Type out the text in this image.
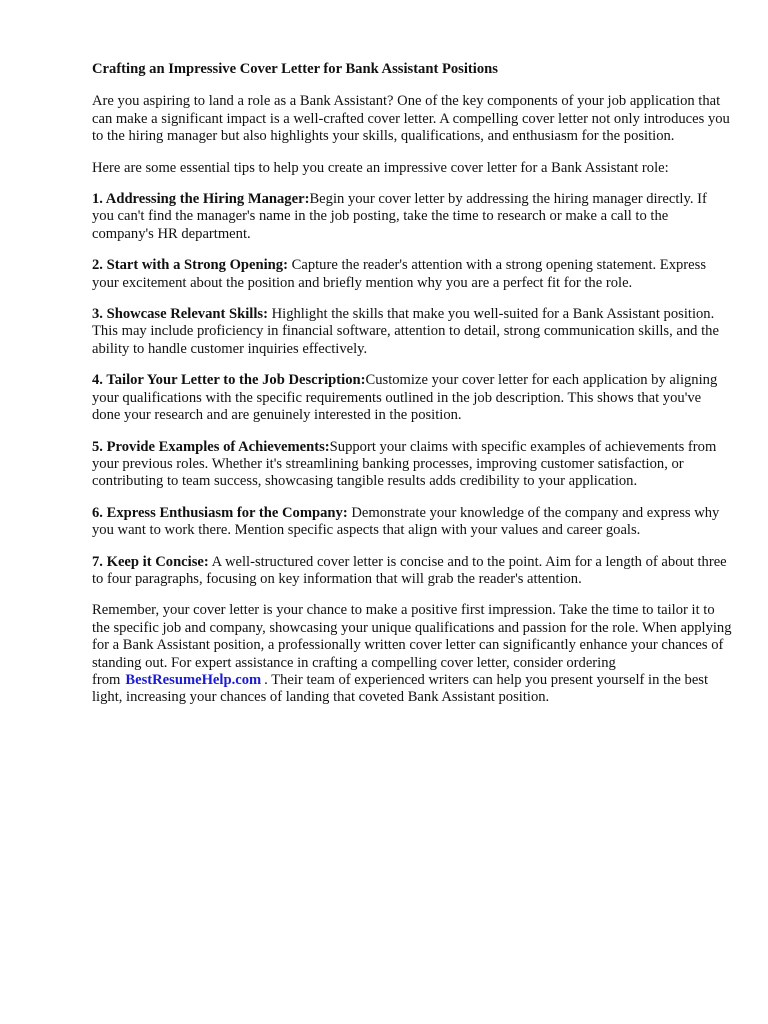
Crafting an Impressive Cover Letter for Bank Assistant Positions

Are you aspiring to land a role as a Bank Assistant? One of the key components of your job application that can make a significant impact is a well-crafted cover letter. A compelling cover letter not only introduces you to the hiring manager but also highlights your skills, qualifications, and enthusiasm for the position.

Here are some essential tips to help you create an impressive cover letter for a Bank Assistant role:

1. Addressing the Hiring Manager:Begin your cover letter by addressing the hiring manager directly. If you can't find the manager's name in the job posting, take the time to research or make a call to the company's HR department.

2. Start with a Strong Opening: Capture the reader's attention with a strong opening statement. Express your excitement about the position and briefly mention why you are a perfect fit for the role.

3. Showcase Relevant Skills: Highlight the skills that make you well-suited for a Bank Assistant position. This may include proficiency in financial software, attention to detail, strong communication skills, and the ability to handle customer inquiries effectively.

4. Tailor Your Letter to the Job Description:Customize your cover letter for each application by aligning your qualifications with the specific requirements outlined in the job description. This shows that you've done your research and are genuinely interested in the position.

5. Provide Examples of Achievements:Support your claims with specific examples of achievements from your previous roles. Whether it's streamlining banking processes, improving customer satisfaction, or contributing to team success, showcasing tangible results adds credibility to your application.

6. Express Enthusiasm for the Company: Demonstrate your knowledge of the company and express why you want to work there. Mention specific aspects that align with your values and career goals.

7. Keep it Concise: A well-structured cover letter is concise and to the point. Aim for a length of about three to four paragraphs, focusing on key information that will grab the reader's attention.

Remember, your cover letter is your chance to make a positive first impression. Take the time to tailor it to the specific job and company, showcasing your unique qualifications and passion for the role. When applying for a Bank Assistant position, a professionally written cover letter can significantly enhance your chances of standing out. For expert assistance in crafting a compelling cover letter, consider ordering from BestResumeHelp.com . Their team of experienced writers can help you present yourself in the best light, increasing your chances of landing that coveted Bank Assistant position.
